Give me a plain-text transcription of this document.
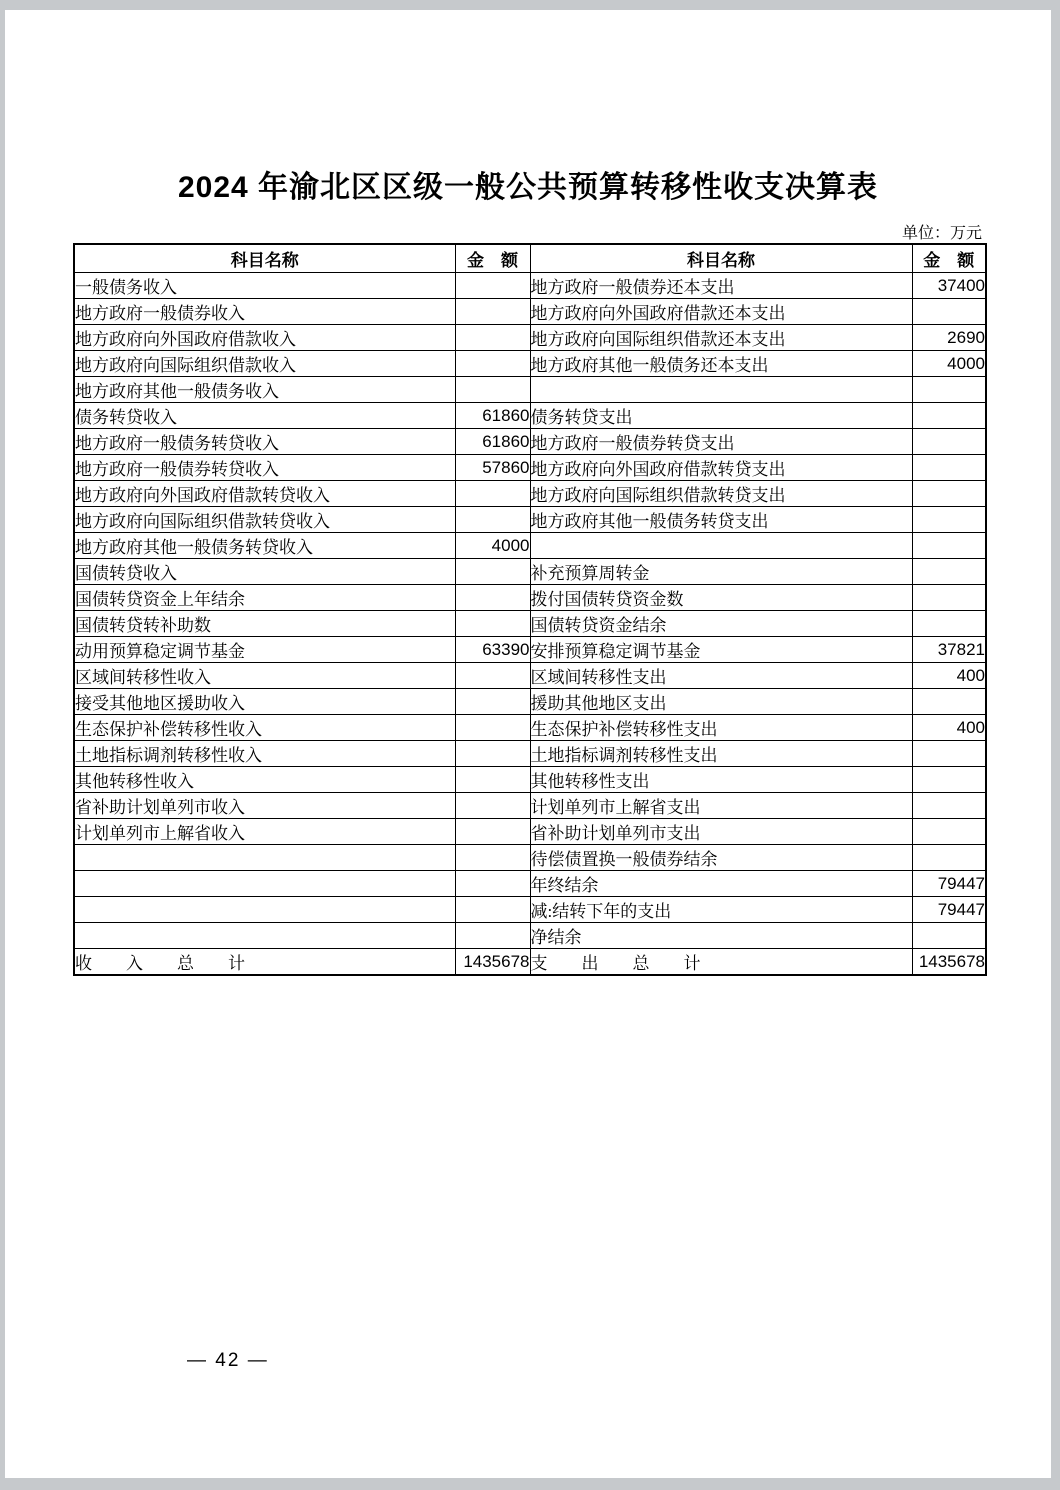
2024 年渝北区区级一般公共预算转移性收支决算表
单位：万元
科目名称	金　额	科目名称	金　额
一般债务收入		地方政府一般债券还本支出	37400
地方政府一般债券收入		地方政府向外国政府借款还本支出	
地方政府向外国政府借款收入		地方政府向国际组织借款还本支出	2690
地方政府向国际组织借款收入		地方政府其他一般债务还本支出	4000
地方政府其他一般债务收入			
债务转贷收入	61860	债务转贷支出	
地方政府一般债务转贷收入	61860	地方政府一般债券转贷支出	
地方政府一般债券转贷收入	57860	地方政府向外国政府借款转贷支出	
地方政府向外国政府借款转贷收入		地方政府向国际组织借款转贷支出	
地方政府向国际组织借款转贷收入		地方政府其他一般债务转贷支出	
地方政府其他一般债务转贷收入	4000		
国债转贷收入		补充预算周转金	
国债转贷资金上年结余		拨付国债转贷资金数	
国债转贷转补助数		国债转贷资金结余	
动用预算稳定调节基金	63390	安排预算稳定调节基金	37821
区域间转移性收入		区域间转移性支出	400
接受其他地区援助收入		援助其他地区支出	
生态保护补偿转移性收入		生态保护补偿转移性支出	400
土地指标调剂转移性收入		土地指标调剂转移性支出	
其他转移性收入		其他转移性支出	
省补助计划单列市收入		计划单列市上解省支出	
计划单列市上解省收入		省补助计划单列市支出	
		待偿债置换一般债券结余	
		年终结余	79447
		减:结转下年的支出	79447
		净结余	
收　　入　　总　　计	1435678	支　　出　　总　　计	1435678
— 42 —
